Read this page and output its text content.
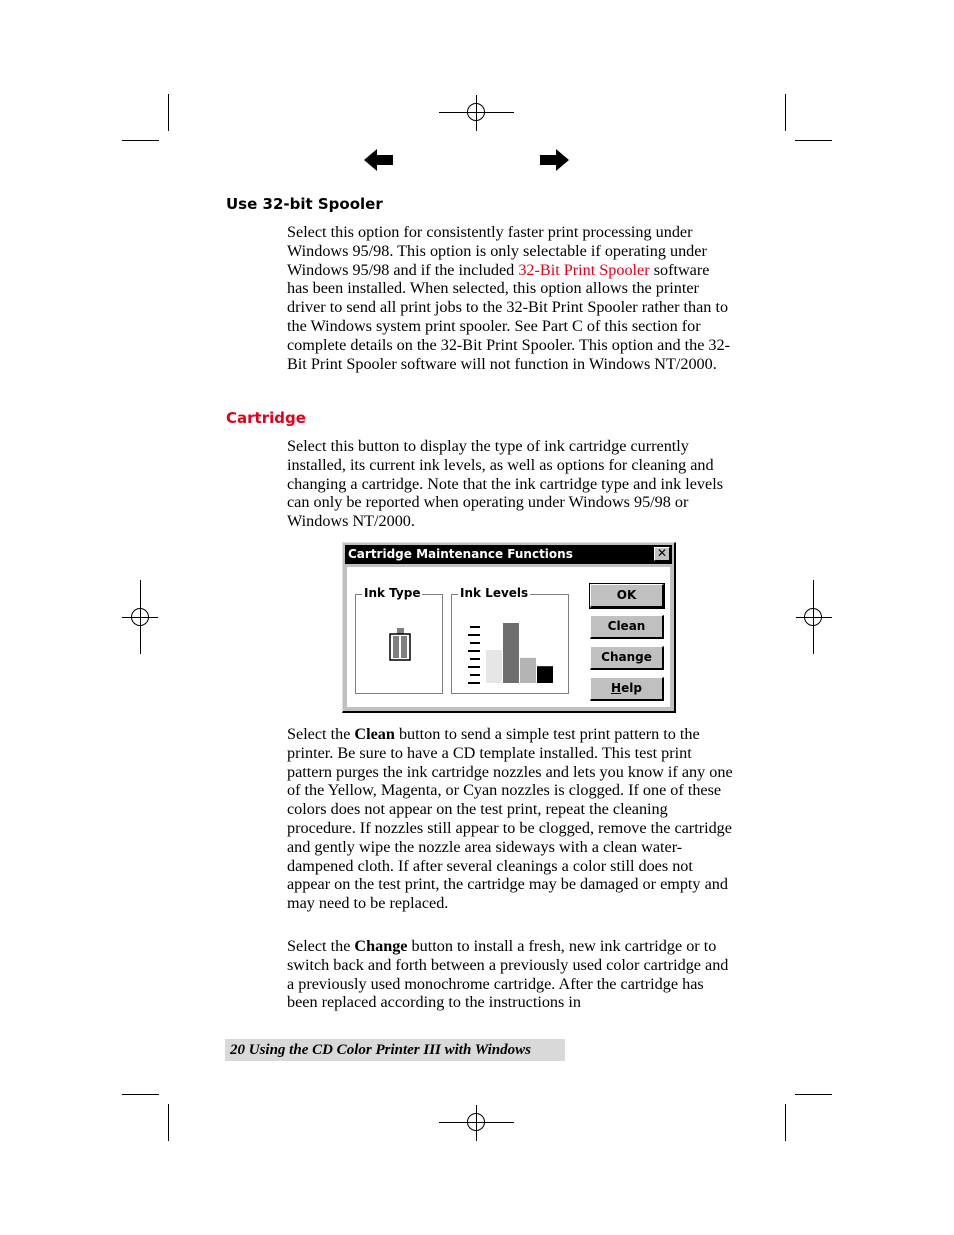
Use 32-bit Spooler

Select this option for consistently faster print processing under Windows 95/98. This option is only selectable if operating under Windows 95/98 and if the included 32-Bit Print Spooler software has been installed. When selected, this option allows the printer driver to send all print jobs to the 32-Bit Print Spooler rather than to the Windows system print spooler. See Part C of this section for complete details on the 32-Bit Print Spooler. This option and the 32-Bit Print Spooler software will not function in Windows NT/2000.

Cartridge

Select this button to display the type of ink cartridge currently installed, its current ink levels, as well as options for cleaning and changing a cartridge. Note that the ink cartridge type and ink levels can only be reported when operating under Windows 95/98 or Windows NT/2000.

Cartridge Maintenance Functions	✕
Ink Type	Ink Levels	OK
Clean
Change
Help

Select the Clean button to send a simple test print pattern to the printer. Be sure to have a CD template installed. This test print pattern purges the ink cartridge nozzles and lets you know if any one of the Yellow, Magenta, or Cyan nozzles is clogged. If one of these colors does not appear on the test print, repeat the cleaning procedure. If nozzles still appear to be clogged, remove the cartridge and gently wipe the nozzle area sideways with a clean water-dampened cloth. If after several cleanings a color still does not appear on the test print, the cartridge may be damaged or empty and may need to be replaced.

Select the Change button to install a fresh, new ink cartridge or to switch back and forth between a previously used color cartridge and a previously used monochrome cartridge. After the cartridge has been replaced according to the instructions in

20 Using the CD Color Printer III with Windows
